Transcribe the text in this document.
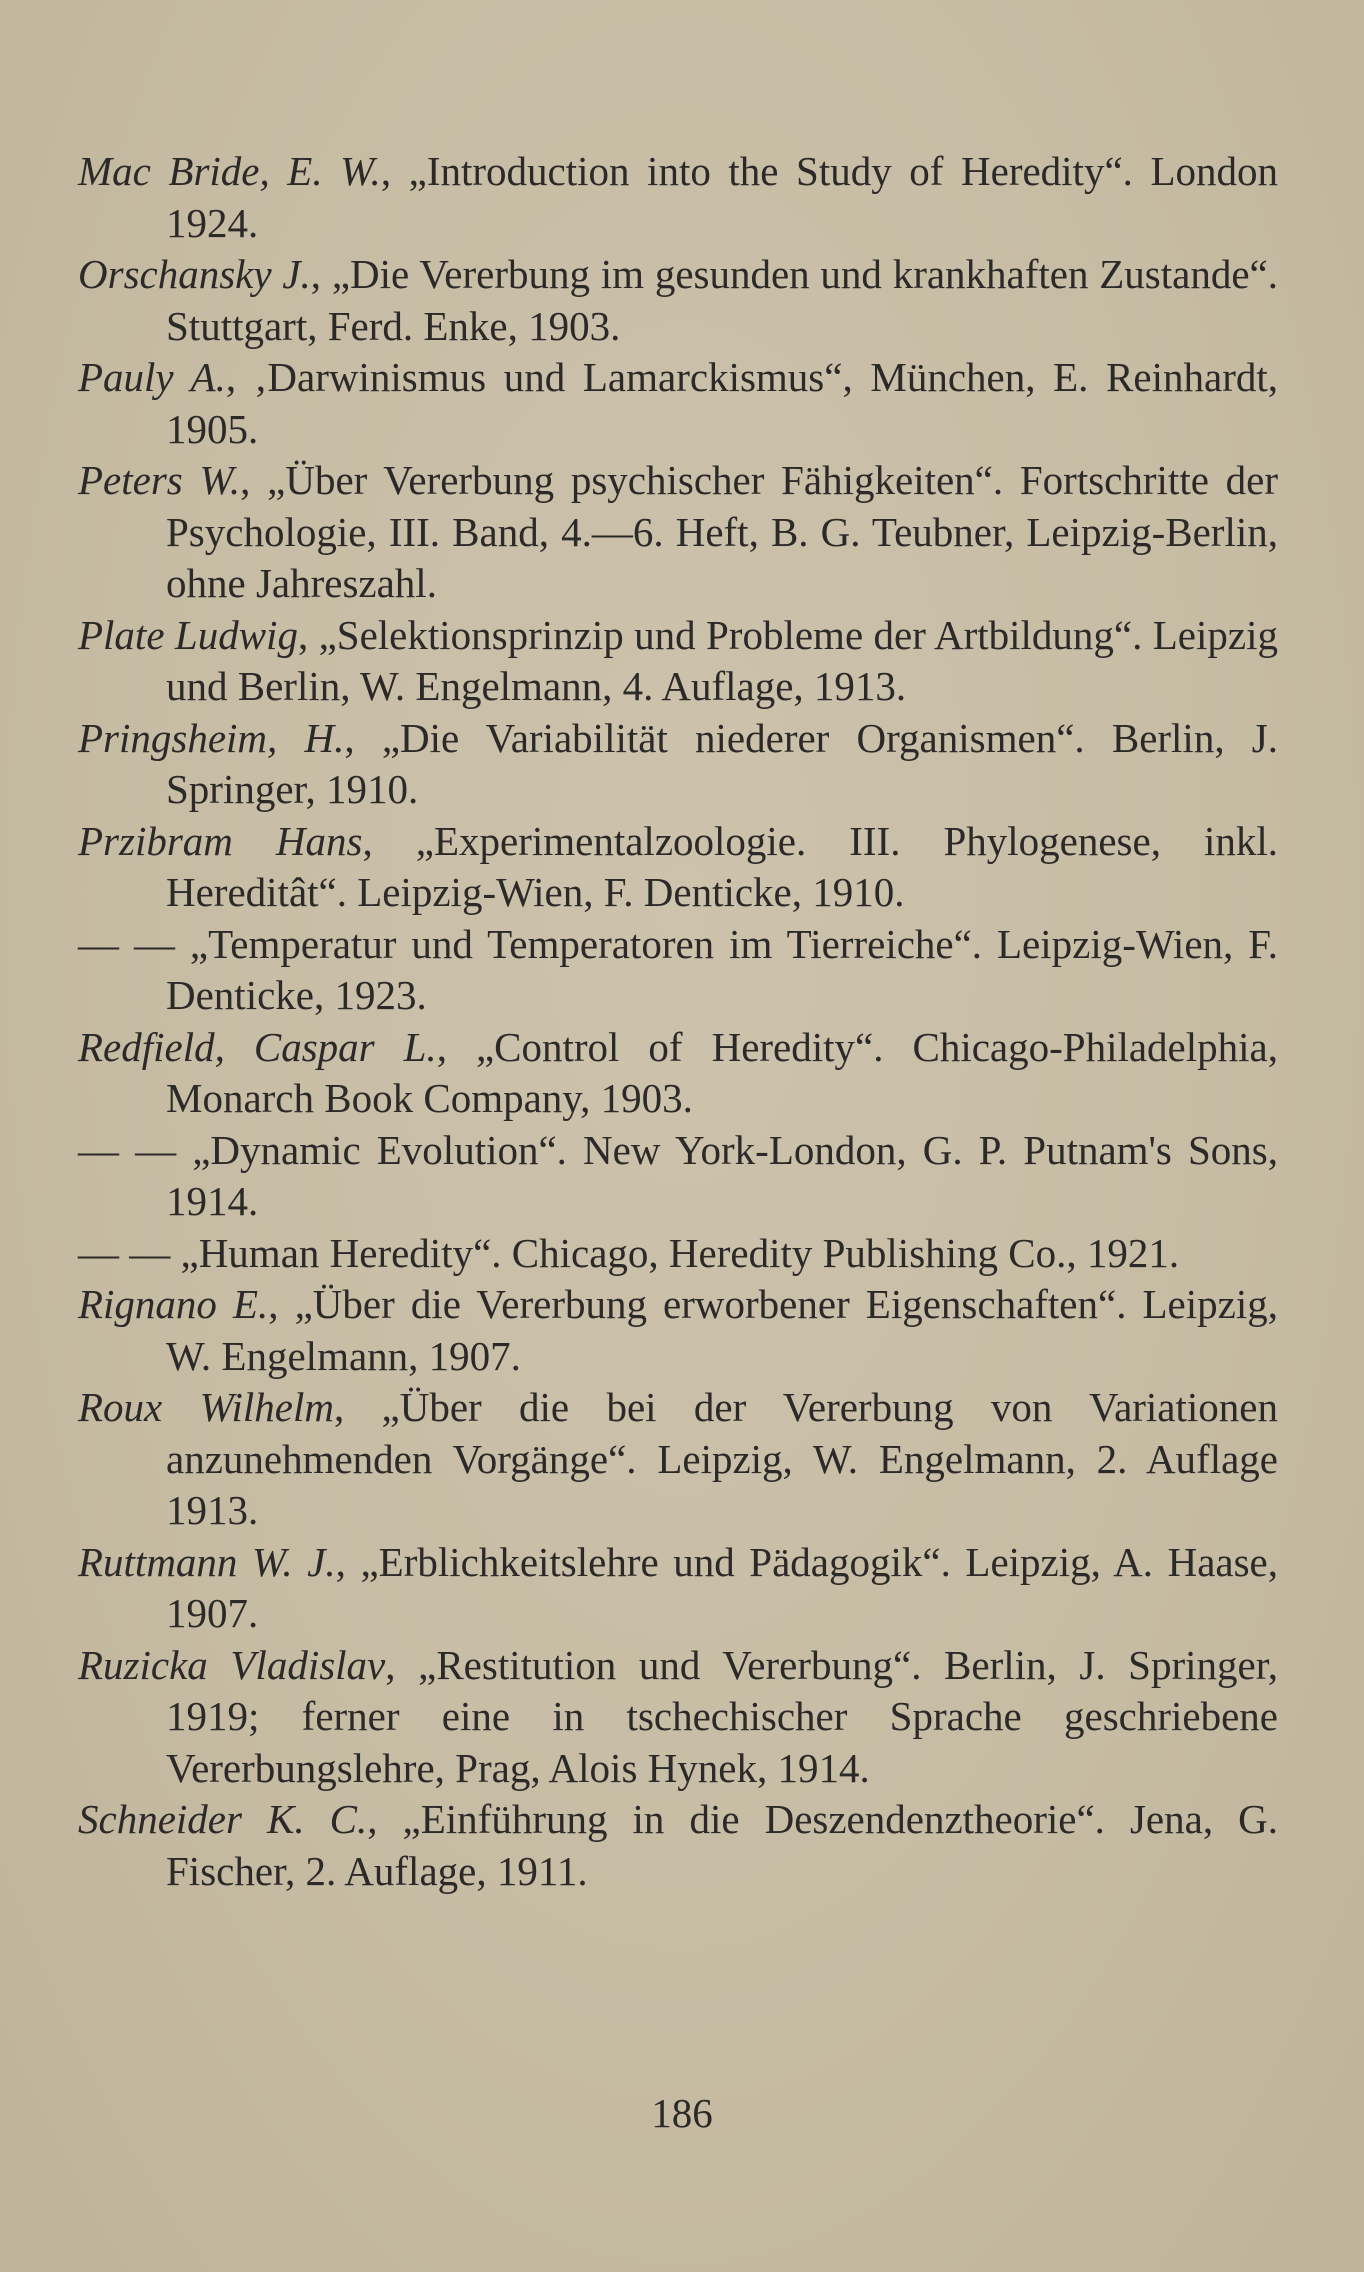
Mac Bride, E. W., „Introduction into the Study of Heredity“. London 1924.

Orschansky J., „Die Vererbung im gesunden und krankhaften Zustande“. Stuttgart, Ferd. Enke, 1903.

Pauly A., ‚Darwinismus und Lamarckismus“, München, E. Reinhardt, 1905.

Peters W., „Über Vererbung psychischer Fähigkeiten“. Fortschritte der Psychologie, III. Band, 4.—6. Heft, B. G. Teubner, Leipzig-Berlin, ohne Jahreszahl.

Plate Ludwig, „Selektionsprinzip und Probleme der Artbildung“. Leipzig und Berlin, W. Engelmann, 4. Auflage, 1913.

Pringsheim, H., „Die Variabilität niederer Organismen“. Berlin, J. Springer, 1910.

Przibram Hans, „Experimentalzoologie. III. Phylogenese, inkl. Hereditât“. Leipzig-Wien, F. Denticke, 1910.

— — „Temperatur und Temperatoren im Tierreiche“. Leipzig-Wien, F. Denticke, 1923.

Redfield, Caspar L., „Control of Heredity“. Chicago-Philadelphia, Monarch Book Company, 1903.

— — „Dynamic Evolution“. New York-London, G. P. Putnam's Sons, 1914.

— — „Human Heredity“. Chicago, Heredity Publishing Co., 1921.

Rignano E., „Über die Vererbung erworbener Eigenschaften“. Leipzig, W. Engelmann, 1907.

Roux Wilhelm, „Über die bei der Vererbung von Variationen anzunehmenden Vorgänge“. Leipzig, W. Engelmann, 2. Auflage 1913.

Ruttmann W. J., „Erblichkeitslehre und Pädagogik“. Leipzig, A. Haase, 1907.

Ruzicka Vladislav, „Restitution und Vererbung“. Berlin, J. Springer, 1919; ferner eine in tschechischer Sprache geschriebene Vererbungslehre, Prag, Alois Hynek, 1914.

Schneider K. C., „Einführung in die Deszendenztheorie“. Jena, G. Fischer, 2. Auflage, 1911.

186
